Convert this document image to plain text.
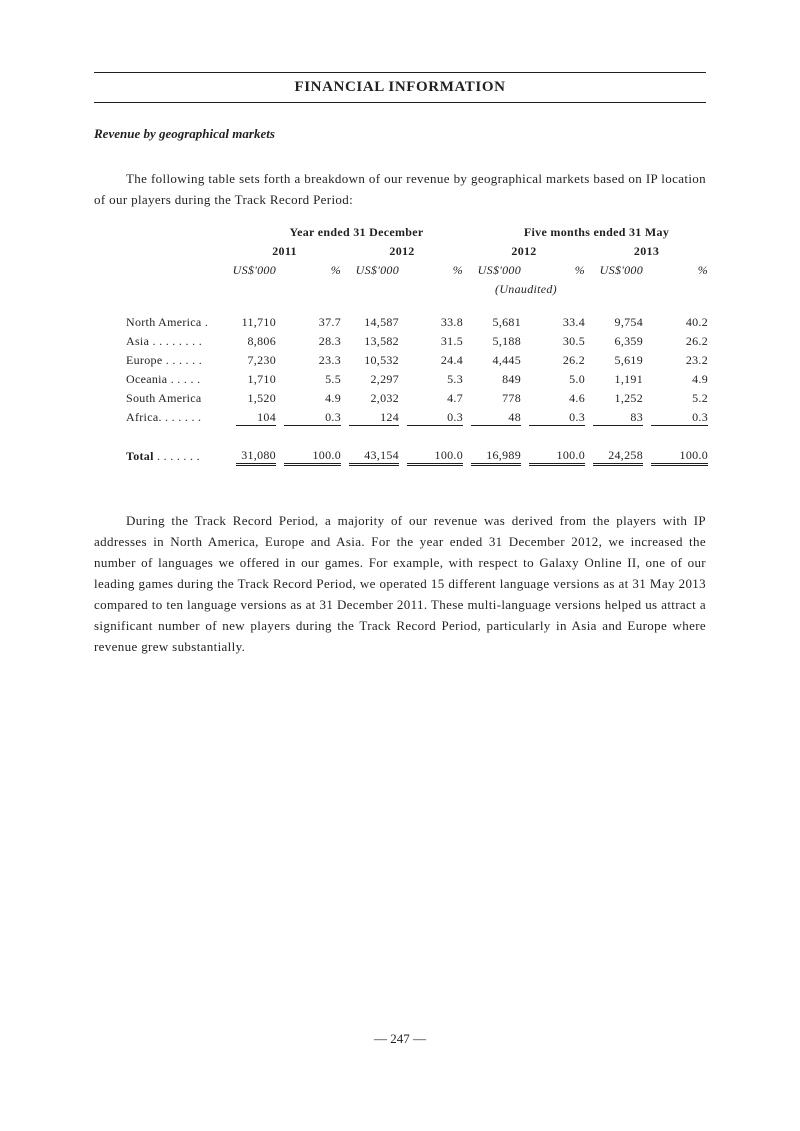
FINANCIAL INFORMATION
Revenue by geographical markets
The following table sets forth a breakdown of our revenue by geographical markets based on IP location of our players during the Track Record Period:
	Year ended 31 December				Five months ended 31 May			
	2011		2012		2012		2013	
	US$'000	%	US$'000	%	US$'000	%	US$'000	%
					(Unaudited)			

North America .	11,710	37.7	14,587	33.8	5,681	33.4	9,754	40.2
Asia . . . . . . . .	8,806	28.3	13,582	31.5	5,188	30.5	6,359	26.2
Europe . . . . . .	7,230	23.3	10,532	24.4	4,445	26.2	5,619	23.2
Oceania . . . . .	1,710	5.5	2,297	5.3	849	5.0	1,191	4.9
South America	1,520	4.9	2,032	4.7	778	4.6	1,252	5.2
Africa. . . . . . .	104	0.3	124	0.3	48	0.3	83	0.3

Total . . . . . . .	31,080	100.0	43,154	100.0	16,989	100.0	24,258	100.0
During the Track Record Period, a majority of our revenue was derived from the players with IP addresses in North America, Europe and Asia. For the year ended 31 December 2012, we increased the number of languages we offered in our games. For example, with respect to Galaxy Online II, one of our leading games during the Track Record Period, we operated 15 different language versions as at 31 May 2013 compared to ten language versions as at 31 December 2011. These multi-language versions helped us attract a significant number of new players during the Track Record Period, particularly in Asia and Europe where revenue grew substantially.
— 247 —
